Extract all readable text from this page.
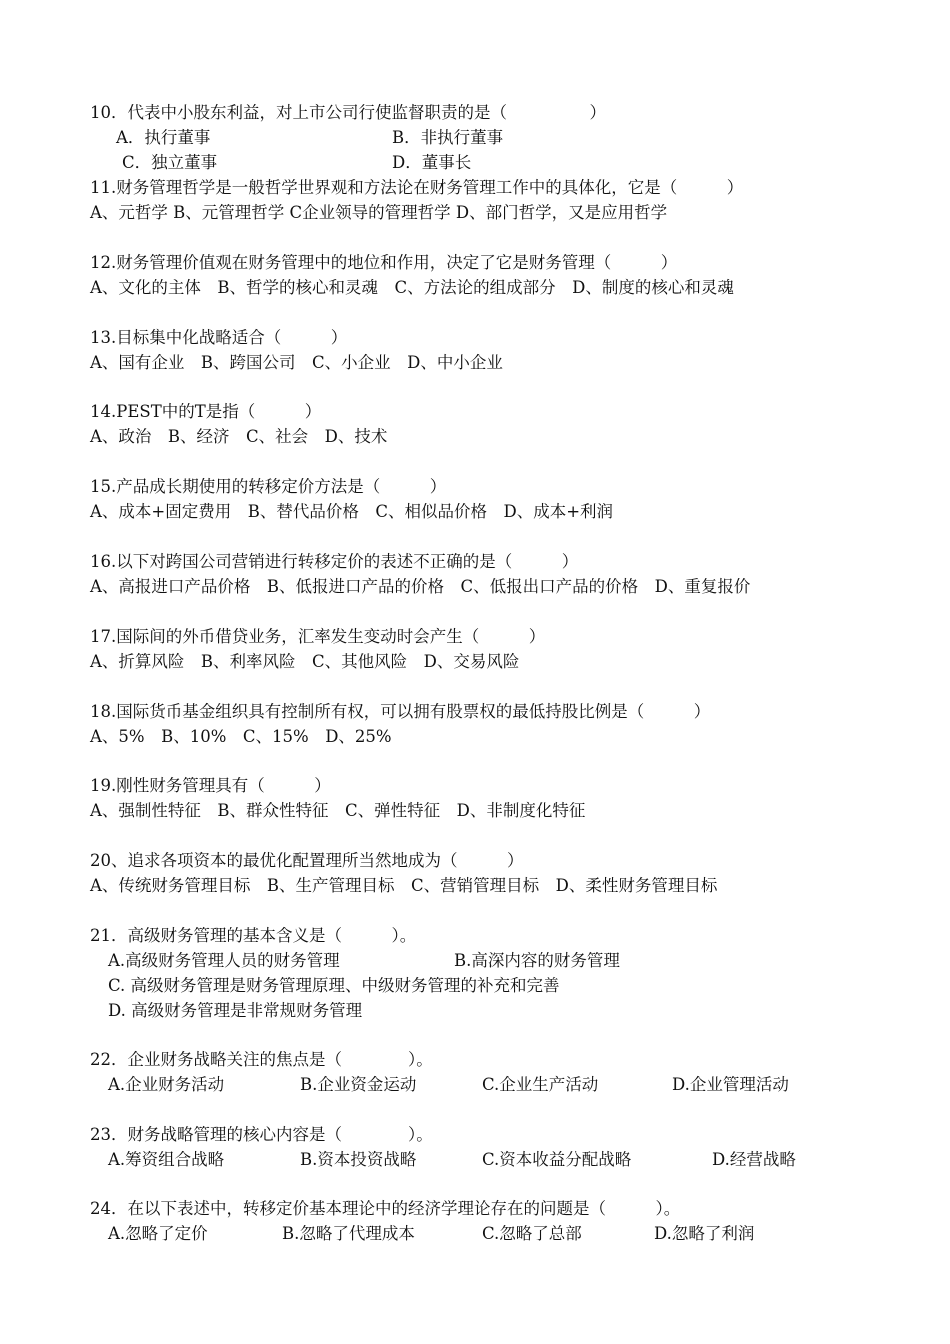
10．代表中小股东利益，对上市公司行使监督职责的是（　　　　　）
A．执行董事	B．非执行董事
C．独立董事	D．董事长
11.财务管理哲学是一般哲学世界观和方法论在财务管理工作中的具体化，它是（　　　）
A、元哲学 B、元管理哲学 C企业领导的管理哲学 D、部门哲学，又是应用哲学
12.财务管理价值观在财务管理中的地位和作用，决定了它是财务管理（　　　）
A、文化的主体　B、哲学的核心和灵魂　C、方法论的组成部分　D、制度的核心和灵魂
13.目标集中化战略适合（　　　）
A、国有企业　B、跨国公司　C、小企业　D、中小企业
14.PEST中的T是指（　　　）
A、政治　B、经济　C、社会　D、技术
15.产品成长期使用的转移定价方法是（　　　）
A、成本+固定费用　B、替代品价格　C、相似品价格　D、成本+利润
16.以下对跨国公司营销进行转移定价的表述不正确的是（　　　）
A、高报进口产品价格　B、低报进口产品的价格　C、低报出口产品的价格　D、重复报价
17.国际间的外币借贷业务，汇率发生变动时会产生（　　　）
A、折算风险　B、利率风险　C、其他风险　D、交易风险
18.国际货币基金组织具有控制所有权，可以拥有股票权的最低持股比例是（　　　）
A、5%　B、10%　C、15%　D、25%
19.刚性财务管理具有（　　　）
A、强制性特征　B、群众性特征　C、弹性特征　D、非制度化特征
20、追求各项资本的最优化配置理所当然地成为（　　　）
A、传统财务管理目标　B、生产管理目标　C、营销管理目标　D、柔性财务管理目标
21．高级财务管理的基本含义是（　　　）。
A.高级财务管理人员的财务管理	B.高深内容的财务管理
C. 高级财务管理是财务管理原理、中级财务管理的补充和完善
D. 高级财务管理是非常规财务管理
22．企业财务战略关注的焦点是（　　　　）。
A.企业财务活动	B.企业资金运动	C.企业生产活动	D.企业管理活动
23．财务战略管理的核心内容是（　　　　）。
A.筹资组合战略	B.资本投资战略	C.资本收益分配战略	D.经营战略
24．在以下表述中，转移定价基本理论中的经济学理论存在的问题是（　　　）。
A.忽略了定价	B.忽略了代理成本	C.忽略了总部	D.忽略了利润
